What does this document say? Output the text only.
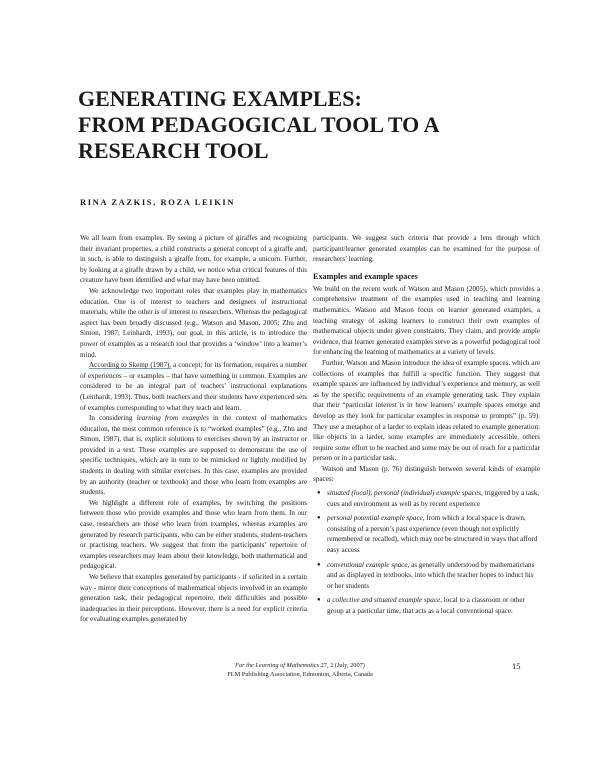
GENERATING EXAMPLES:
FROM PEDAGOGICAL TOOL TO A
RESEARCH TOOL
RINA ZAZKIS, ROZA LEIKIN

We all learn from examples. By seeing a picture of giraffes and recognizing their invariant properties, a child constructs a general concept of a giraffe and, in such, is able to distinguish a giraffe from, for example, a unicorn. Further, by looking at a giraffe drawn by a child, we notice what critical features of this creature have been identified and what may have been omitted.

We acknowledge two important roles that examples play in mathematics education. One is of interest to teachers and designers of instructional materials, while the other is of interest to researchers. Whereas the pedagogical aspect has been broadly discussed (e.g., Watson and Mason, 2005; Zhu and Simon, 1987; Leinhardt, 1993), our goal, in this article, is to introduce the power of examples as a research tool that provides a ‘window’ into a learner’s mind.

According to Skemp (1987), a concept, for its formation, requires a number of experiences – or examples – that have something in common. Examples are considered to be an integral part of teachers’ instructional explanations (Leinhardt, 1993). Thus, both teachers and their students have experienced sets of examples corresponding to what they teach and learn.

In considering learning from examples in the context of mathematics education, the most common reference is to “worked examples” (e.g., Zhu and Simon, 1987), that is, explicit solutions to exercises shown by an instructor or provided in a text. These examples are supposed to demonstrate the use of specific techniques, which are in turn to be mimicked or lightly modified by students in dealing with similar exercises. In this case, examples are provided by an authority (teacher or textbook) and those who learn from examples are students.

We highlight a different role of examples, by switching the positions between those who provide examples and those who learn from them. In our case, researchers are those who learn from examples, whereas examples are generated by research participants, who can be either students, student-teachers or practising teachers. We suggest that from the participants’ repertoire of examples researchers may learn about their knowledge, both mathematical and pedagogical.

We believe that examples generated by participants - if solicited in a certain way - mirror their conceptions of mathematical objects involved in an example generation task, their pedagogical repertoire, their difficulties and possible inadequacies in their perceptions. However, there is a need for explicit criteria for evaluating examples generated by

participants. We suggest such criteria that provide a lens through which participant/learner generated examples can be examined for the purpose of researchers’ learning.

Examples and example spaces

We build on the recent work of Watson and Mason (2005), which provides a comprehensive treatment of the examples used in teaching and learning mathematics. Watson and Mason focus on learner generated examples, a teaching strategy of asking learners to construct their own examples of mathematical objects under given constraints. They claim, and provide ample evidence, that learner generated examples serve as a powerful pedagogical tool for enhancing the learning of mathematics at a variety of levels.

Further, Watson and Mason introduce the idea of example spaces, which are collections of examples that fulfill a specific function. They suggest that example spaces are influenced by individual’s experience and memory, as well as by the specific requirements of an example generating task. They explain that their “particular interest is in how learners’ example spaces emerge and develop as they look for particular examples in response to prompts” (p. 59). They use a metaphor of a larder to explain ideas related to example generation: like objects in a larder, some examples are immediately accessible, others require some effort to be reached and some may be out of reach for a particular person or in a particular task.

Watson and Mason (p. 76) distinguish between several kinds of example spaces:

● situated (local), personal (individual) example spaces, triggered by a task, cues and environment as well as by recent experience
● personal potential example space, from which a local space is drawn, consisting of a person’s past experience (even though not explicitly remembered or recalled), which may not be structured in ways that afford easy access
● conventional example space, as generally understood by mathematicians and as displayed in textbooks, into which the teacher hopes to induct his or her students
● a collective and situated example space, local to a classroom or other group at a particular time, that acts as a local conventional space.
For the Learning of Mathematics 27, 2 (July, 2007)
FLM Publishing Association, Edmonton, Alberta, Canada
15
